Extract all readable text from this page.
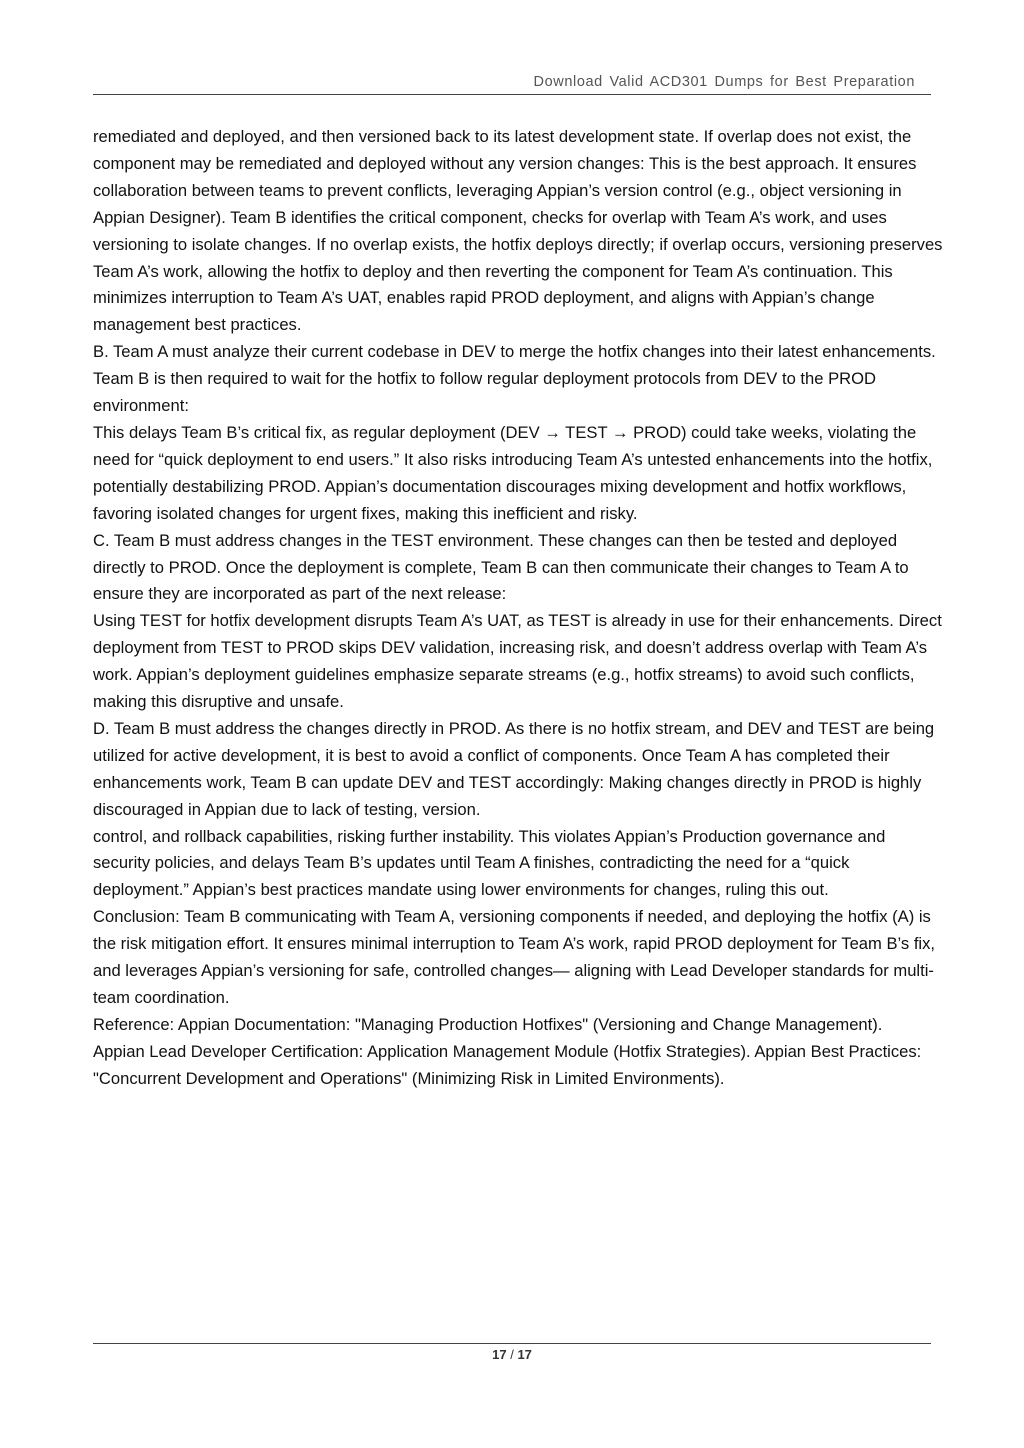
Download Valid ACD301 Dumps for Best Preparation

remediated and deployed, and then versioned back to its latest development state. If overlap does not exist, the component may be remediated and deployed without any version changes: This is the best approach. It ensures collaboration between teams to prevent conflicts, leveraging Appian’s version control (e.g., object versioning in Appian Designer). Team B identifies the critical component, checks for overlap with Team A’s work, and uses versioning to isolate changes. If no overlap exists, the hotfix deploys directly; if overlap occurs, versioning preserves Team A’s work, allowing the hotfix to deploy and then reverting the component for Team A’s continuation. This minimizes interruption to Team A’s UAT, enables rapid PROD deployment, and aligns with Appian’s change management best practices.

B. Team A must analyze their current codebase in DEV to merge the hotfix changes into their latest enhancements. Team B is then required to wait for the hotfix to follow regular deployment protocols from DEV to the PROD environment:

This delays Team B’s critical fix, as regular deployment (DEV → TEST → PROD) could take weeks, violating the need for “quick deployment to end users.” It also risks introducing Team A’s untested enhancements into the hotfix, potentially destabilizing PROD. Appian’s documentation discourages mixing development and hotfix workflows, favoring isolated changes for urgent fixes, making this inefficient and risky.

C. Team B must address changes in the TEST environment. These changes can then be tested and deployed directly to PROD. Once the deployment is complete, Team B can then communicate their changes to Team A to ensure they are incorporated as part of the next release:

Using TEST for hotfix development disrupts Team A’s UAT, as TEST is already in use for their enhancements. Direct deployment from TEST to PROD skips DEV validation, increasing risk, and doesn’t address overlap with Team A’s work. Appian’s deployment guidelines emphasize separate streams (e.g., hotfix streams) to avoid such conflicts, making this disruptive and unsafe.

D. Team B must address the changes directly in PROD. As there is no hotfix stream, and DEV and TEST are being utilized for active development, it is best to avoid a conflict of components. Once Team A has completed their enhancements work, Team B can update DEV and TEST accordingly: Making changes directly in PROD is highly discouraged in Appian due to lack of testing, version.

control, and rollback capabilities, risking further instability. This violates Appian’s Production governance and security policies, and delays Team B’s updates until Team A finishes, contradicting the need for a “quick deployment.” Appian’s best practices mandate using lower environments for changes, ruling this out.

Conclusion: Team B communicating with Team A, versioning components if needed, and deploying the hotfix (A) is the risk mitigation effort. It ensures minimal interruption to Team A’s work, rapid PROD deployment for Team B’s fix, and leverages Appian’s versioning for safe, controlled changes— aligning with Lead Developer standards for multi-team coordination.

Reference: Appian Documentation: "Managing Production Hotfixes" (Versioning and Change Management).

Appian Lead Developer Certification: Application Management Module (Hotfix Strategies). Appian Best Practices: "Concurrent Development and Operations" (Minimizing Risk in Limited Environments).

17 / 17
